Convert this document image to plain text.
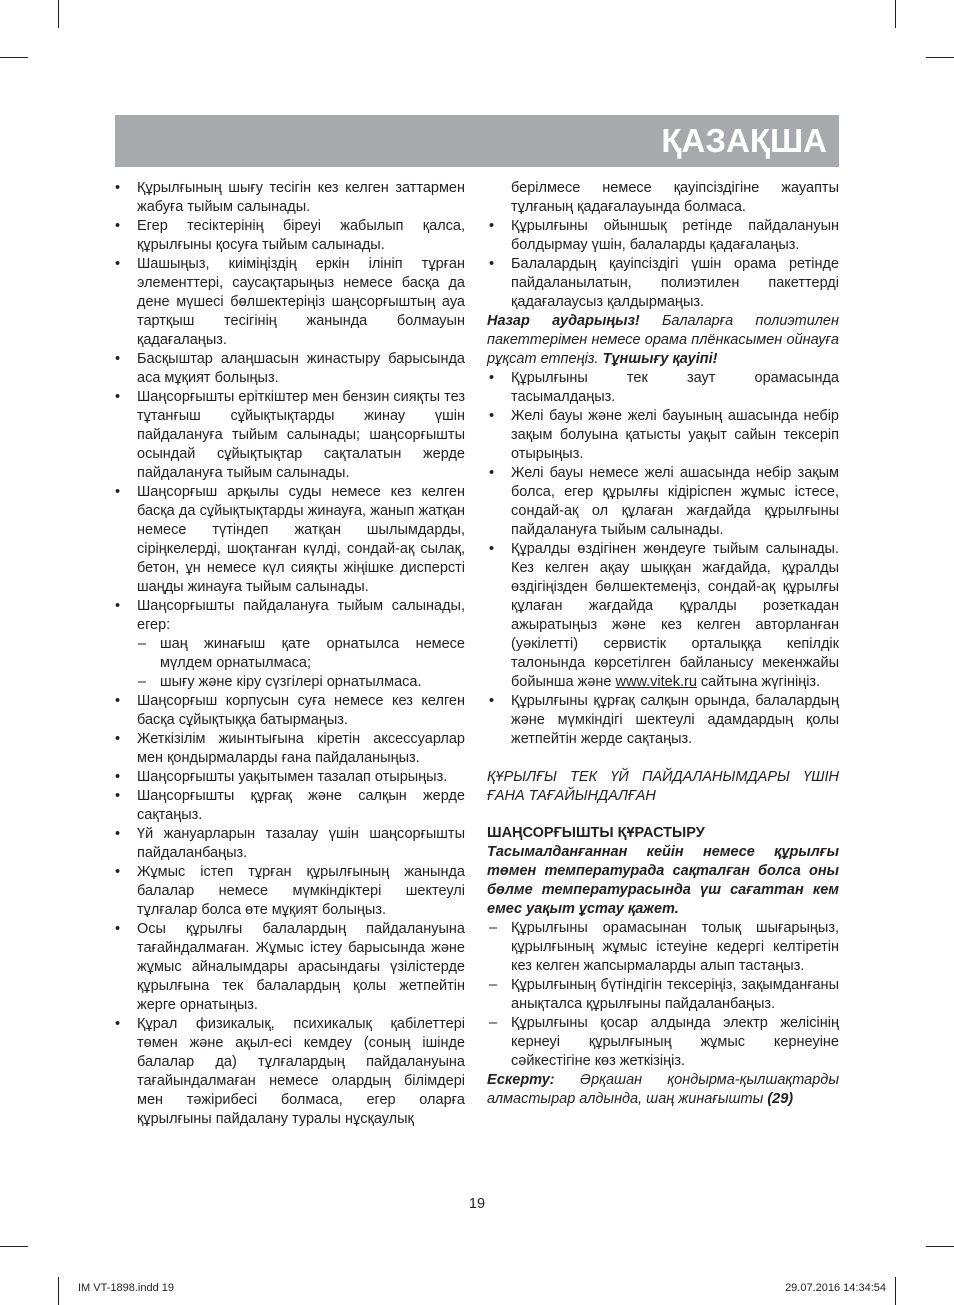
ҚАЗАҚША
• Құрылғының шығу тесігін кез келген заттармен жабуға тыйым салынады.
• Егер тесіктерінің біреуі жабылып қалса, құрылғыны қосуға тыйым салынады.
• Шашыңыз, киіміңіздің еркін ілініп тұрған элементтері, саусақтарыңыз немесе басқа да дене мүшесі бөлшектеріңіз шаңсорғыштың ауа тартқыш тесігінің жанында болмауын қадағалаңыз.
• Басқыштар алаңшасын жинастыру барысында аса мұқият болыңыз.
• Шаңсорғышты еріткіштер мен бензин сияқты тез тұтанғыш сұйықтықтарды жинау үшін пайдалануға тыйым салынады; шаңсорғышты осындай сұйықтықтар сақталатын жерде пайдалануға тыйым салынады.
• Шаңсорғыш арқылы суды немесе кез келген басқа да сұйықтықтарды жинауға, жанып жатқан немесе түтіндеп жатқан шылымдарды, сіріңкелерді, шоқтанған күлді, сондай-ақ сылақ, бетон, ұн немесе күл сияқты жіңішке дисперсті шаңды жинауға тыйым салынады.
• Шаңсорғышты пайдалануға тыйым салынады, егер:
– шаң жинағыш қате орнатылса немесе мүлдем орнатылмаса;
– шығу және кіру сүзгілері орнатылмаса.
• Шаңсорғыш корпусын суға немесе кез келген басқа сұйықтыққа батырмаңыз.
• Жеткізілім жиынтығына кіретін аксессуарлар мен қондырмаларды ғана пайдаланыңыз.
• Шаңсорғышты уақытымен тазалап отырыңыз.
• Шаңсорғышты құрғақ және салқын жерде сақтаңыз.
• Үй жануарларын тазалау үшін шаңсорғышты пайдаланбаңыз.
• Жұмыс істеп тұрған құрылғының жанында балалар немесе мүмкіндіктері шектеулі тұлғалар болса өте мұқият болыңыз.
• Осы құрылғы балалардың пайдалануына тағайндалмаған. Жұмыс істеу барысында және жұмыс айналымдары арасындағы үзілістерде құрылғына тек балалардың қолы жетпейтін жерге орнатыңыз.
• Құрал физикалық, психикалық қабілеттері төмен және ақыл-есі кемдеу (соның ішінде балалар да) тұлғалардың пайдалануына тағайындалмаған немесе олардың білімдері мен тәжірибесі болмаса, егер оларға құрылғыны пайдалану туралы нұсқаулық
берілмесе немесе қауіпсіздігіне жауапты тұлғаның қадағалауында болмаса.
• Құрылғыны ойыншық ретінде пайдалануын болдырмау үшін, балаларды қадағалаңыз.
• Балалардың қауіпсіздігі үшін орама ретінде пайдаланылатын, полиэтилен пакеттерді қадағалаусыз қалдырмаңыз.

Назар аударыңыз! Балаларға полиэтилен пакеттерімен немесе орама плёнкасымен ойнауға рұқсат етпеңіз. Тұншығу қауіпі!

• Құрылғыны тек заут орамасында тасымалдаңыз.
• Желі бауы және желі бауының ашасында небір зақым болуына қатысты уақыт сайын тексеріп отырыңыз.
• Желі бауы немесе желі ашасында небір зақым болса, егер құрылғы кідіріспен жұмыс істесе, сондай-ақ ол құлаған жағдайда құрылғыны пайдалануға тыйым салынады.
• Құралды өздігінен жөндеуге тыйым салынады. Кез келген ақау шыққан жағдайда, құралды өздігіңізден бөлшектемеңіз, сондай-ақ құрылғы құлаған жағдайда құралды розеткадан ажыратыңыз және кез келген авторланған (уәкілетті) сервистік орталыққа кепілдік талонында көрсетілген байланысу мекенжайы бойынша және www.vitek.ru сайтына жүгініңіз.
• Құрылғыны құрғақ салқын орында, балалардың және мүмкіндігі шектеулі адамдардың қолы жетпейтін жерде сақтаңыз.

ҚҰРЫЛҒЫ ТЕК ҮЙ ПАЙДАЛАНЫМДАРЫ ҮШІН ҒАНА ТАҒАЙЫНДАЛҒАН

ШАҢСОРҒЫШТЫ ҚҰРАСТЫРУ

Тасымалданғаннан кейін немесе құрылғы төмен температурада сақталған болса оны бөлме температурасында үш сағаттан кем емес уақыт ұстау қажет.

– Құрылғыны орамасынан толық шығарыңыз, құрылғының жұмыс істеуіне кедергі келтіретін кез келген жапсырмаларды алып тастаңыз.
– Құрылғының бүтіндігін тексеріңіз, зақымданғаны анықталса құрылғыны пайдаланбаңыз.
– Құрылғыны қосар алдында электр желісінің кернеуі құрылғының жұмыс кернеуіне сәйкестігіне көз жеткізіңіз.

Ескерту: Әрқашан қондырма-қылшақтарды алмастырар алдында, шаң жинағышты (29)

19
IM VT-1898.indd 19	29.07.2016 14:34:54
